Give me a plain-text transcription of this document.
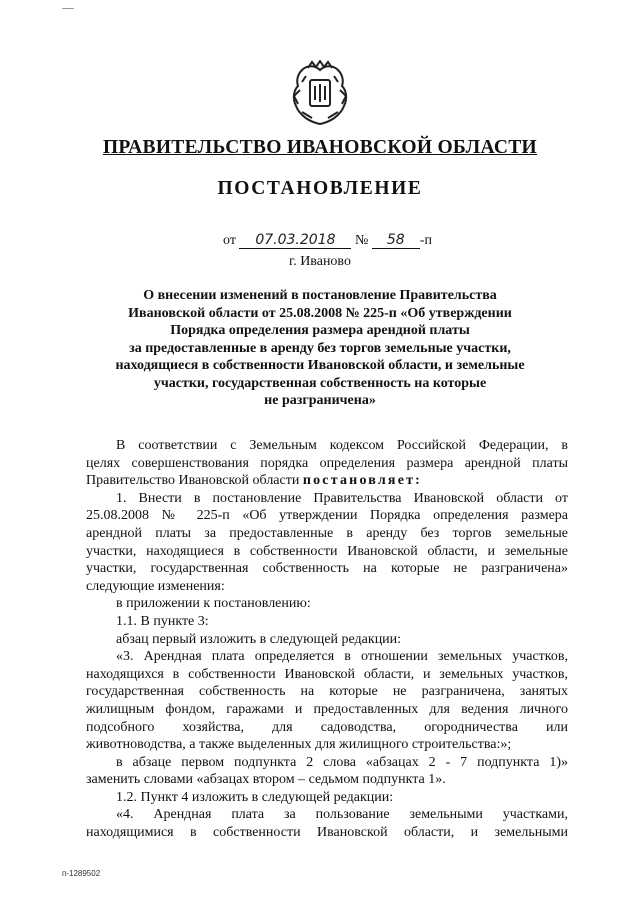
ПРАВИТЕЛЬСТВО ИВАНОВСКОЙ ОБЛАСТИ
ПОСТАНОВЛЕНИЕ
от 07.03.2018 № 58 -п
г. Иваново
О внесении изменений в постановление Правительства
Ивановской области от 25.08.2008 № 225-п «Об утверждении
Порядка определения размера арендной платы
за предоставленные в аренду без торгов земельные участки,
находящиеся в собственности Ивановской области, и земельные
участки, государственная собственность на которые
не разграничена»
В соответствии с Земельным кодексом Российской Федерации, в
целях совершенствования порядка определения размера арендной платы
Правительство Ивановской области постановляет:
1. Внести в постановление Правительства Ивановской области от
25.08.2008 № 225-п «Об утверждении Порядка определения размера
арендной платы за предоставленные в аренду без торгов земельные
участки, находящиеся в собственности Ивановской области, и земельные
участки, государственная собственность на которые не разграничена»
следующие изменения:
в приложении к постановлению:
1.1. В пункте 3:
абзац первый изложить в следующей редакции:
«3. Арендная плата определяется в отношении земельных участков,
находящихся в собственности Ивановской области, и земельных участков,
государственная собственность на которые не разграничена, занятых
жилищным фондом, гаражами и предоставленных для ведения личного
подсобного хозяйства, для садоводства, огородничества или
животноводства, а также выделенных для жилищного строительства:»;
в абзаце первом подпункта 2 слова «абзацах 2 - 7 подпункта 1)»
заменить словами «абзацах втором – седьмом подпункта 1».
1.2. Пункт 4 изложить в следующей редакции:
«4. Арендная плата за пользование земельными участками,
находящимися в собственности Ивановской области, и земельными
п-1289502
